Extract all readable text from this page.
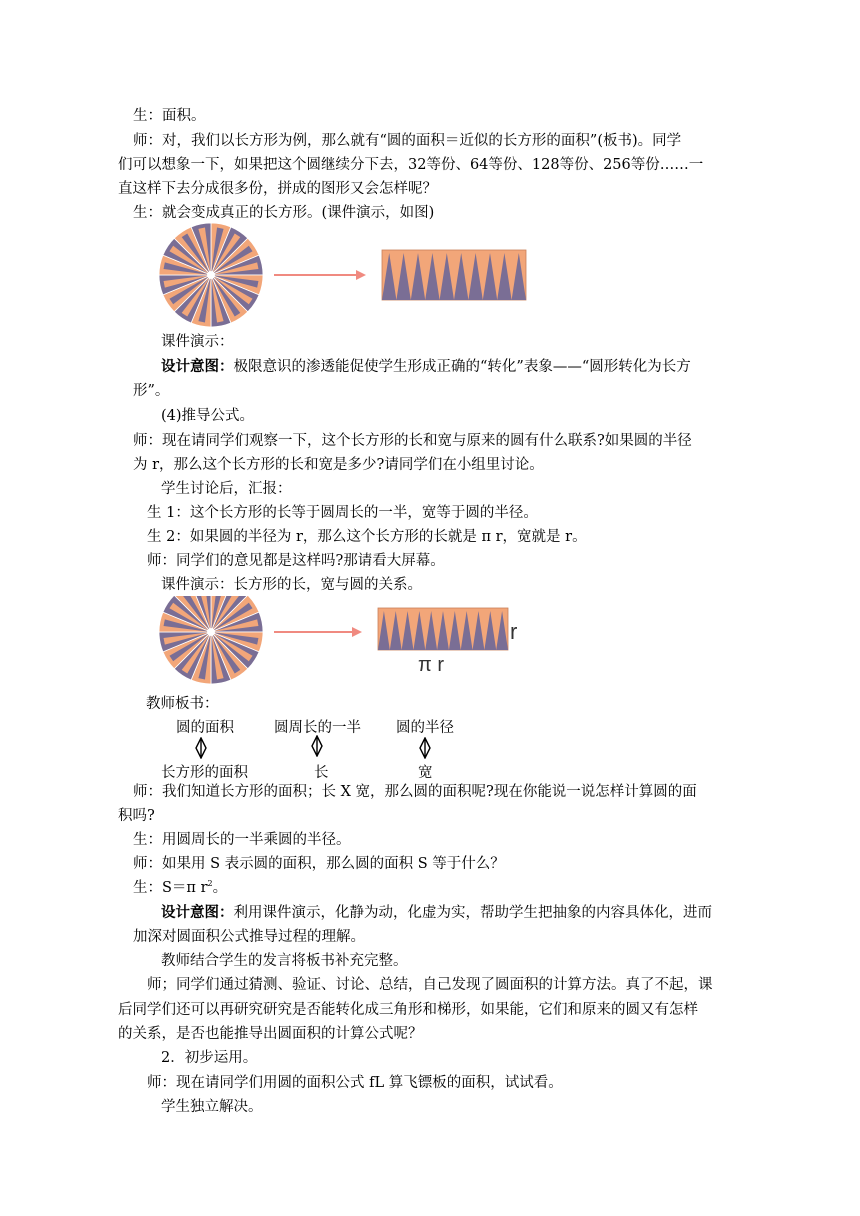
生：面积。
师：对，我们以长方形为例，那么就有“圆的面积＝近似的长方形的面积”(板书)。同学
们可以想象一下，如果把这个圆继续分下去，32等份、64等份、128等份、256等份……一
直这样下去分成很多份，拼成的图形又会怎样呢？
生：就会变成真正的长方形。(课件演示，如图)
课件演示：
设计意图：极限意识的渗透能促使学生形成正确的“转化”表象——“圆形转化为长方
形”。
(4)推导公式。
师：现在请同学们观察一下，这个长方形的长和宽与原来的圆有什么联系?如果圆的半径
为 r，那么这个长方形的长和宽是多少?请同学们在小组里讨论。
学生讨论后，汇报：
生 1：这个长方形的长等于圆周长的一半，宽等于圆的半径。
生 2：如果圆的半径为 r，那么这个长方形的长就是 π r，宽就是 r。
师：同学们的意见都是这样吗?那请看大屏幕。
课件演示：长方形的长，宽与圆的关系。
r
π r
教师板书：
圆的面积	圆周长的一半 圆的半径
长方形的面积	长	宽
师：我们知道长方形的面积；长 X 宽，那么圆的面积呢?现在你能说一说怎样计算圆的面
积吗?
生：用圆周长的一半乘圆的半径。
师：如果用 S 表示圆的面积，那么圆的面积 S 等于什么？
生：S＝π $r^2$。
设计意图：利用课件演示，化静为动，化虚为实，帮助学生把抽象的内容具体化，进而
加深对圆面积公式推导过程的理解。
教师结合学生的发言将板书补充完整。
师；同学们通过猜测、验证、讨论、总结，自己发现了圆面积的计算方法。真了不起，课
后同学们还可以再研究研究是否能转化成三角形和梯形，如果能，它们和原来的圆又有怎样
的关系，是否也能推导出圆面积的计算公式呢？
2．初步运用。
师：现在请同学们用圆的面积公式 fL 算飞镖板的面积，试试看。
学生独立解决。
